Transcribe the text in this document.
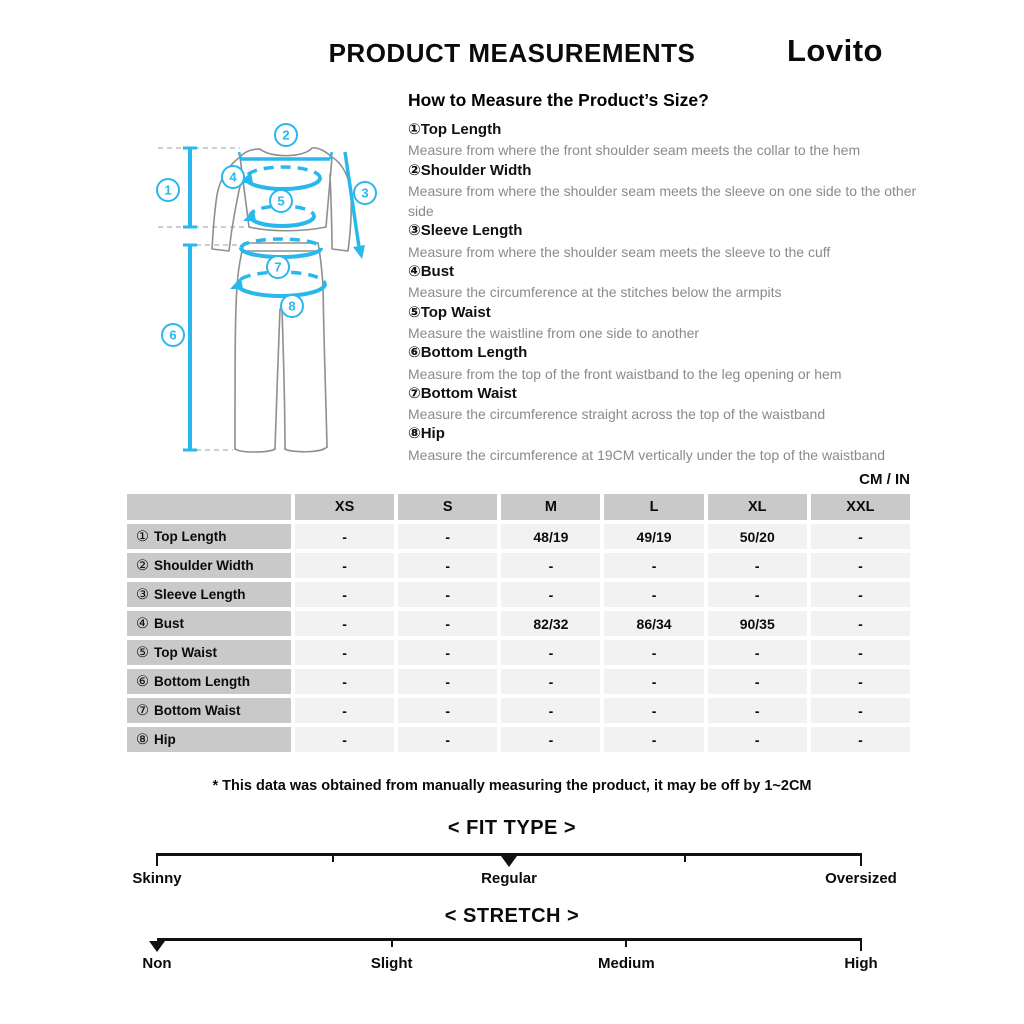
PRODUCT MEASUREMENTS	Lovito
1
2
3
4
5
6
7
8
How to Measure the Product’s Size?
①Top Length
Measure from where the front shoulder seam meets the collar to the hem
②Shoulder Width
Measure from where the shoulder seam meets the sleeve on one side to the other side
③Sleeve Length
Measure from where the shoulder seam meets the sleeve to the cuff
④Bust
Measure the circumference at the stitches below the armpits
⑤Top Waist
Measure the waistline from one side to another
⑥Bottom Length
Measure from the top of the front waistband to the leg opening or hem
⑦Bottom Waist
Measure the circumference straight across the top of the waistband
⑧Hip
Measure the circumference at 19CM vertically under the top of the waistband
CM / IN
XS	S	M	L	XL	XXL
① Top Length	-	-	48/19	49/19	50/20	-
② Shoulder Width	-	-	-	-	-	-
③ Sleeve Length	-	-	-	-	-	-
④ Bust	-	-	82/32	86/34	90/35	-
⑤ Top Waist	-	-	-	-	-	-
⑥ Bottom Length	-	-	-	-	-	-
⑦ Bottom Waist	-	-	-	-	-	-
⑧ Hip	-	-	-	-	-	-
* This data was obtained from manually measuring the product, it may be off by 1~2CM
< FIT TYPE >
Skinny	Regular	Oversized
< STRETCH >
Non	Slight	Medium	High
